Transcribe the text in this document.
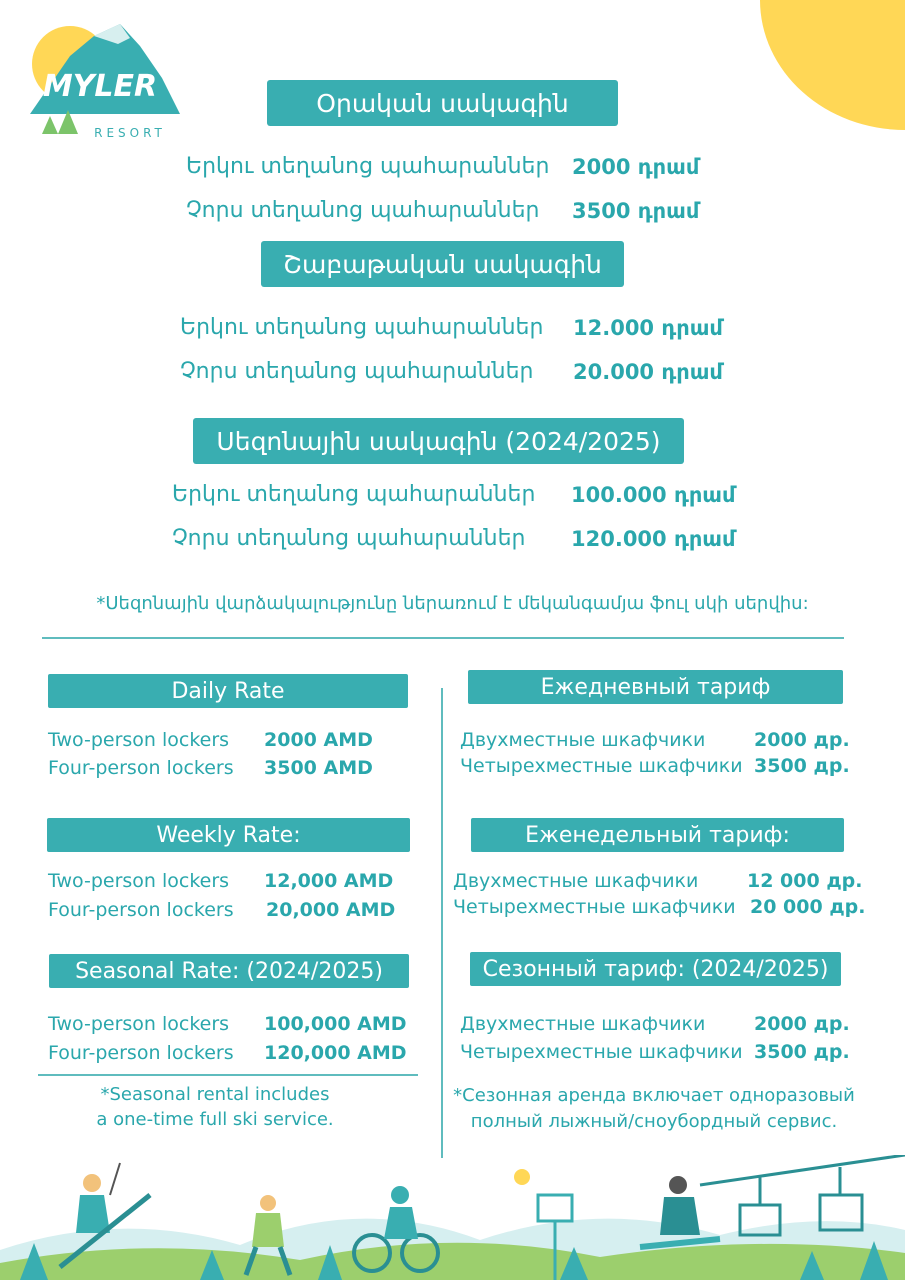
MYLER
RESORT
Օրական սակագին
Երկու տեղանոց պահարաններ 2000 դրամ
Չորս տեղանոց պահարաններ 3500 դրամ
Շաբաթական սակագին
Երկու տեղանոց պահարաններ 12.000 դրամ
Չորս տեղանոց պահարաններ 20.000 դրամ
Սեզոնային սակագին (2024/2025)
Երկու տեղանոց պահարաններ 100.000 դրամ
Չորս տեղանոց պահարաններ 120.000 դրամ
*Սեզոնային վարձակալությունը ներառում է մեկանգամյա ֆուլ սկի սերվիս:
Daily Rate
Two-person lockers 2000 AMD
Four-person lockers 3500 AMD
Weekly Rate:
Two-person lockers 12,000 AMD
Four-person lockers 20,000 AMD
Seasonal Rate: (2024/2025)
Two-person lockers 100,000 AMD
Four-person lockers 120,000 AMD
*Seasonal rental includes
a one-time full ski service.
Ежедневный тариф
Двухместные шкафчики	2000 др.
Четырехместные шкафчики 3500 др.
Еженедельный тариф:
Двухместные шкафчики	12 000 др.
Четырехместные шкафчики 20 000 др.
Сезонный тариф: (2024/2025)
Двухместные шкафчики	2000 др.
Четырехместные шкафчики 3500 др.
*Сезонная аренда включает одноразовый
полный лыжный/сноубордный сервис.
